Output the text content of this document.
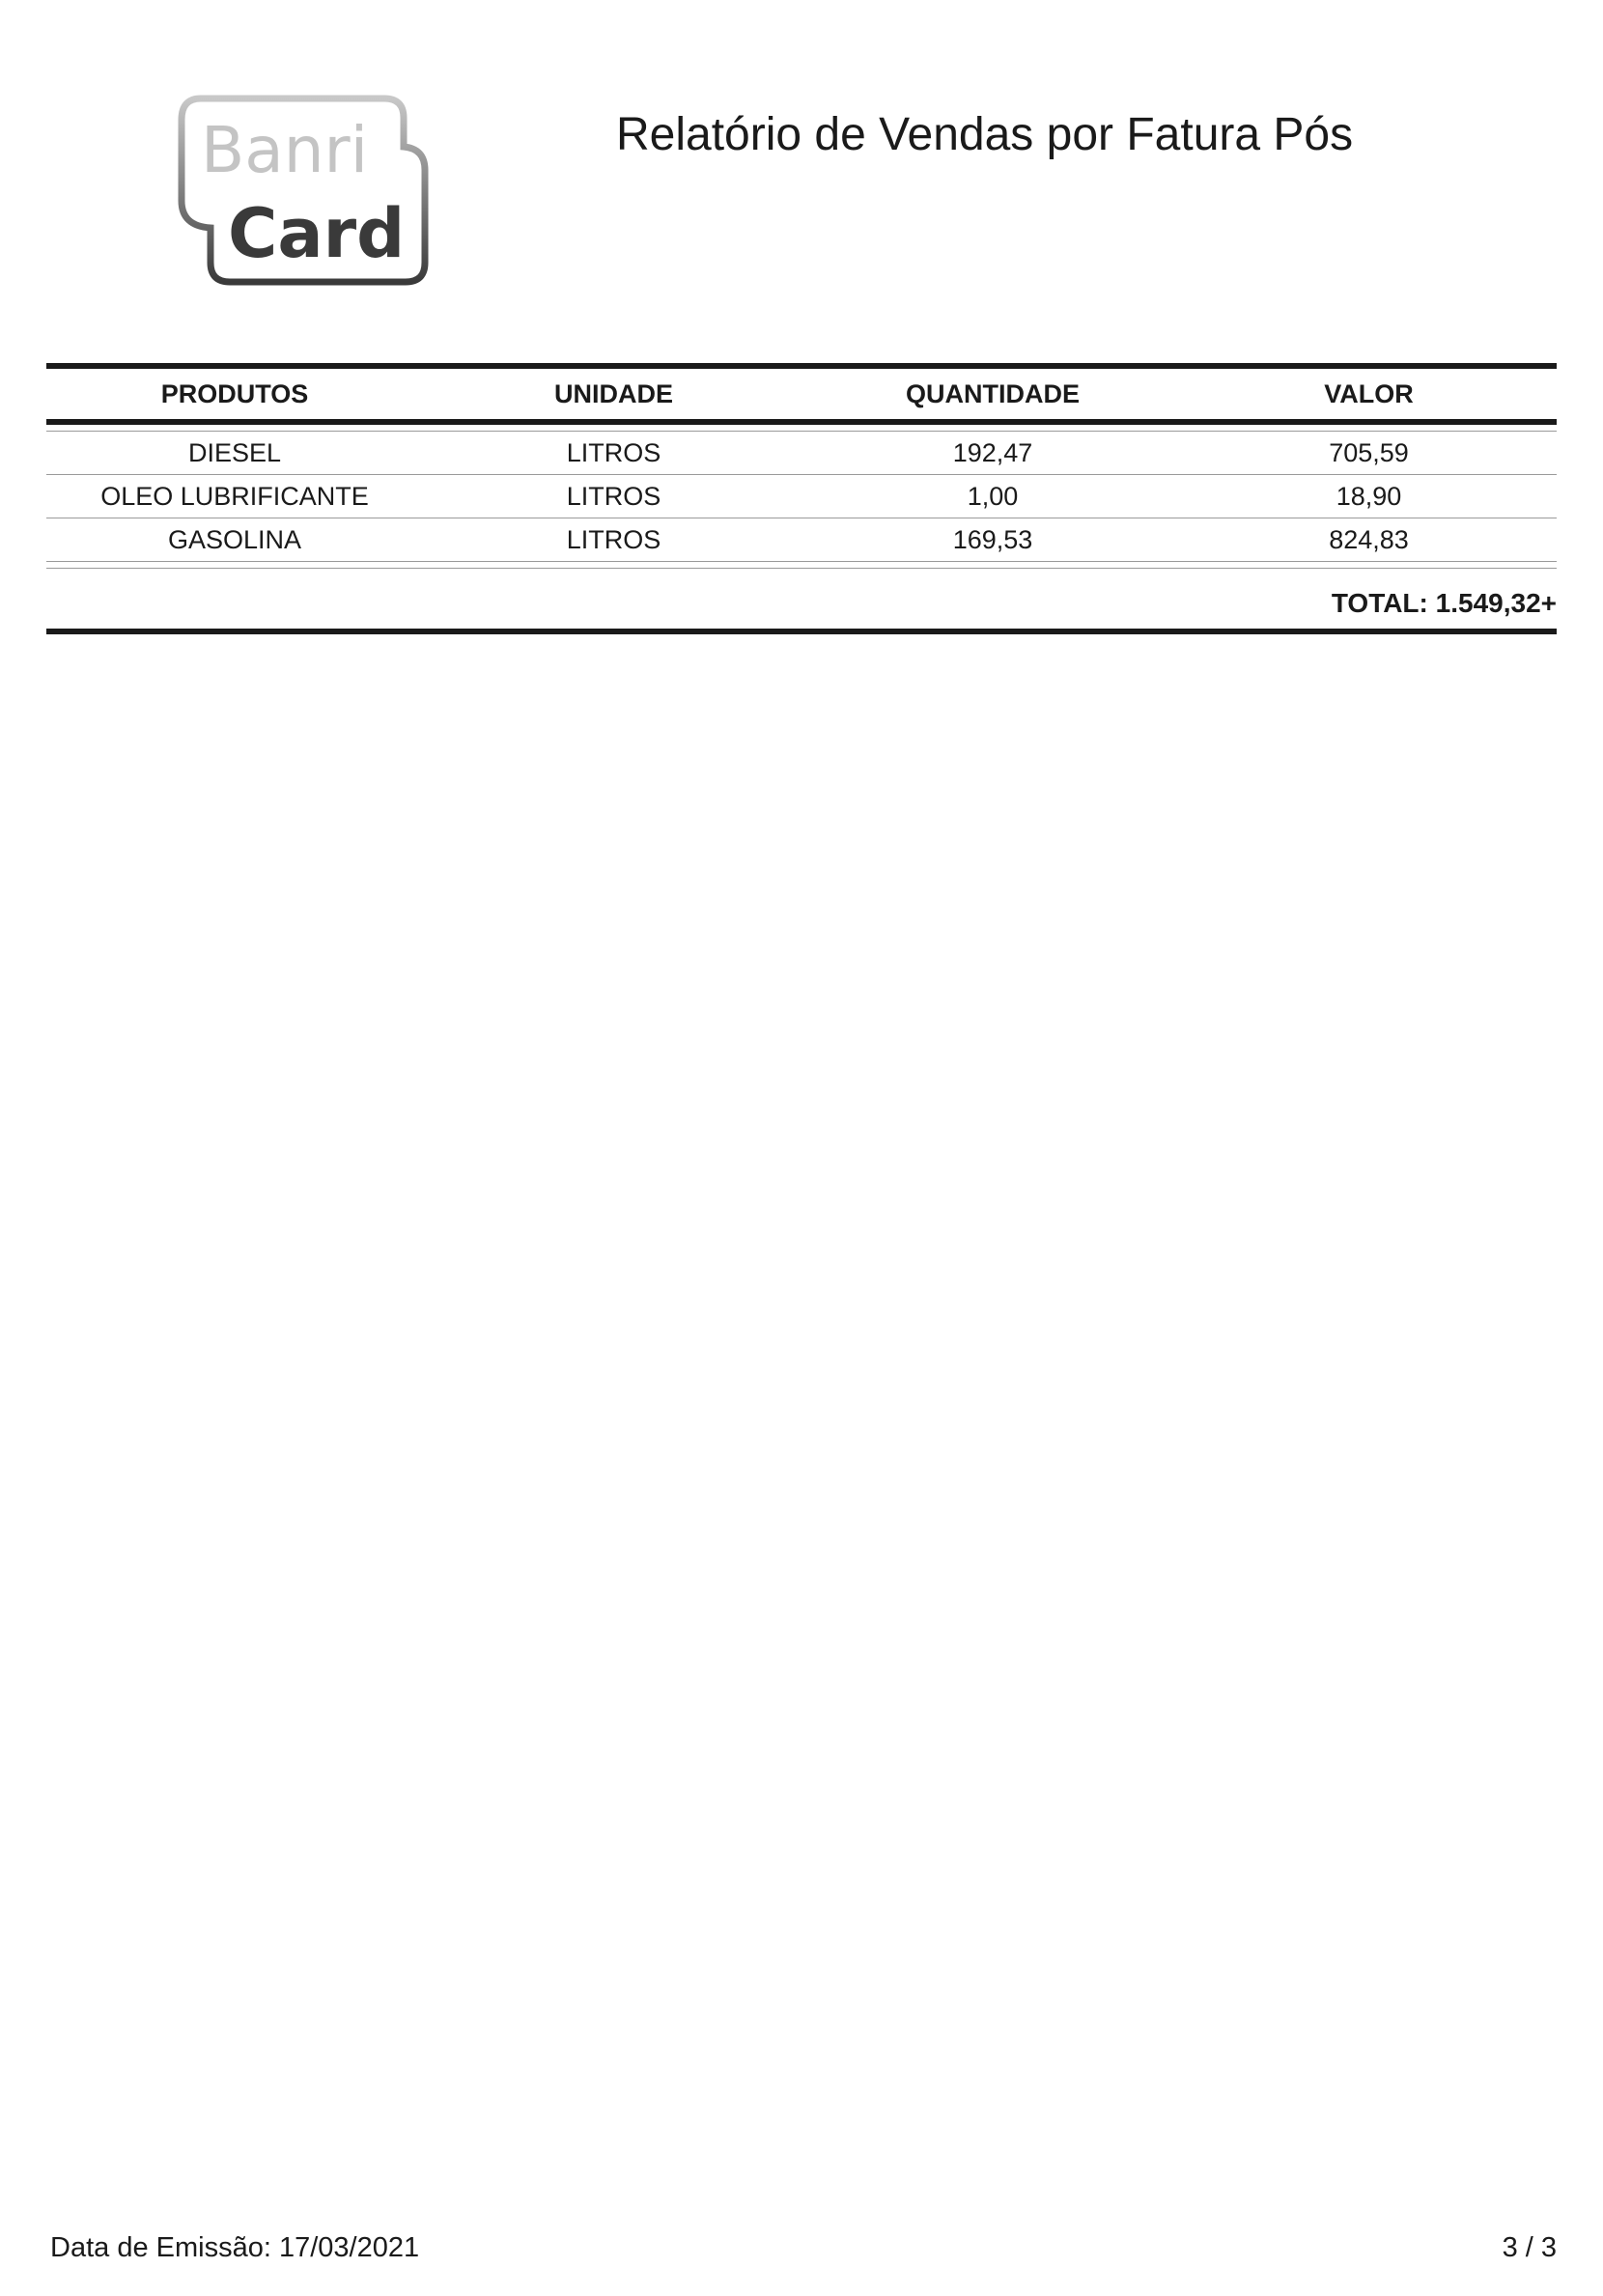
Banri
Card
Relatório de Vendas por Fatura Pós
PRODUTOS	UNIDADE	QUANTIDADE	VALOR
DIESEL	LITROS	192,47	705,59
OLEO LUBRIFICANTE	LITROS	1,00	18,90
GASOLINA	LITROS	169,53	824,83
TOTAL: 1.549,32+
Data de Emissão: 17/03/2021	3 / 3
